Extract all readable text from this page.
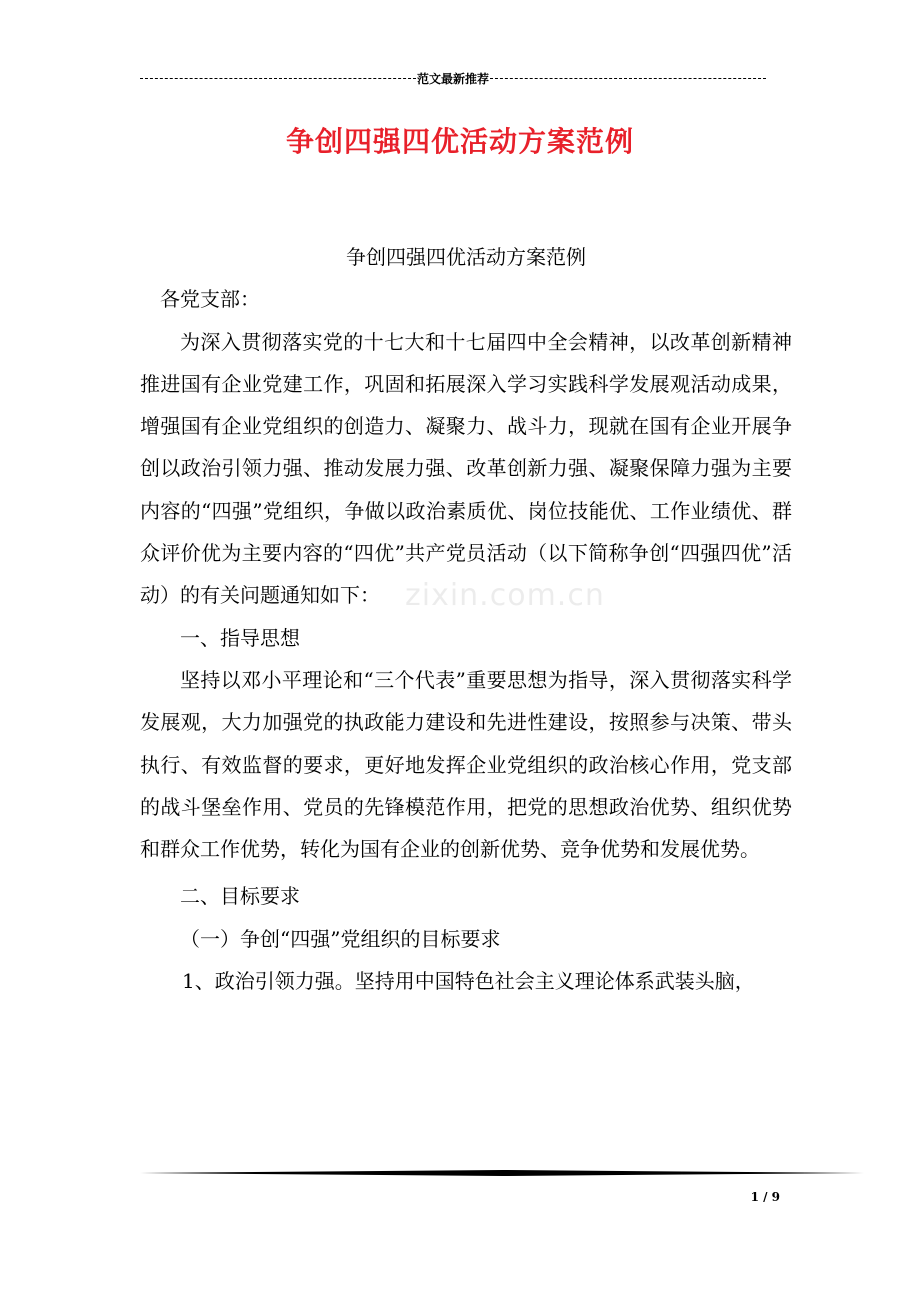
范文最新推荐
争创四强四优活动方案范例
zixin.com.cn

争创四强四优活动方案范例

各党支部：

为深入贯彻落实党的十七大和十七届四中全会精神，以改革创新精神推进国有企业党建工作，巩固和拓展深入学习实践科学发展观活动成果，增强国有企业党组织的创造力、凝聚力、战斗力，现就在国有企业开展争创以政治引领力强、推动发展力强、改革创新力强、凝聚保障力强为主要内容的“四强”党组织，争做以政治素质优、岗位技能优、工作业绩优、群众评价优为主要内容的“四优”共产党员活动（以下简称争创“四强四优”活动）的有关问题通知如下：

一、指导思想

坚持以邓小平理论和“三个代表”重要思想为指导，深入贯彻落实科学发展观，大力加强党的执政能力建设和先进性建设，按照参与决策、带头执行、有效监督的要求，更好地发挥企业党组织的政治核心作用，党支部的战斗堡垒作用、党员的先锋模范作用，把党的思想政治优势、组织优势和群众工作优势，转化为国有企业的创新优势、竞争优势和发展优势。

二、目标要求

（一）争创“四强”党组织的目标要求

1、政治引领力强。坚持用中国特色社会主义理论体系武装头脑，

1 / 9
